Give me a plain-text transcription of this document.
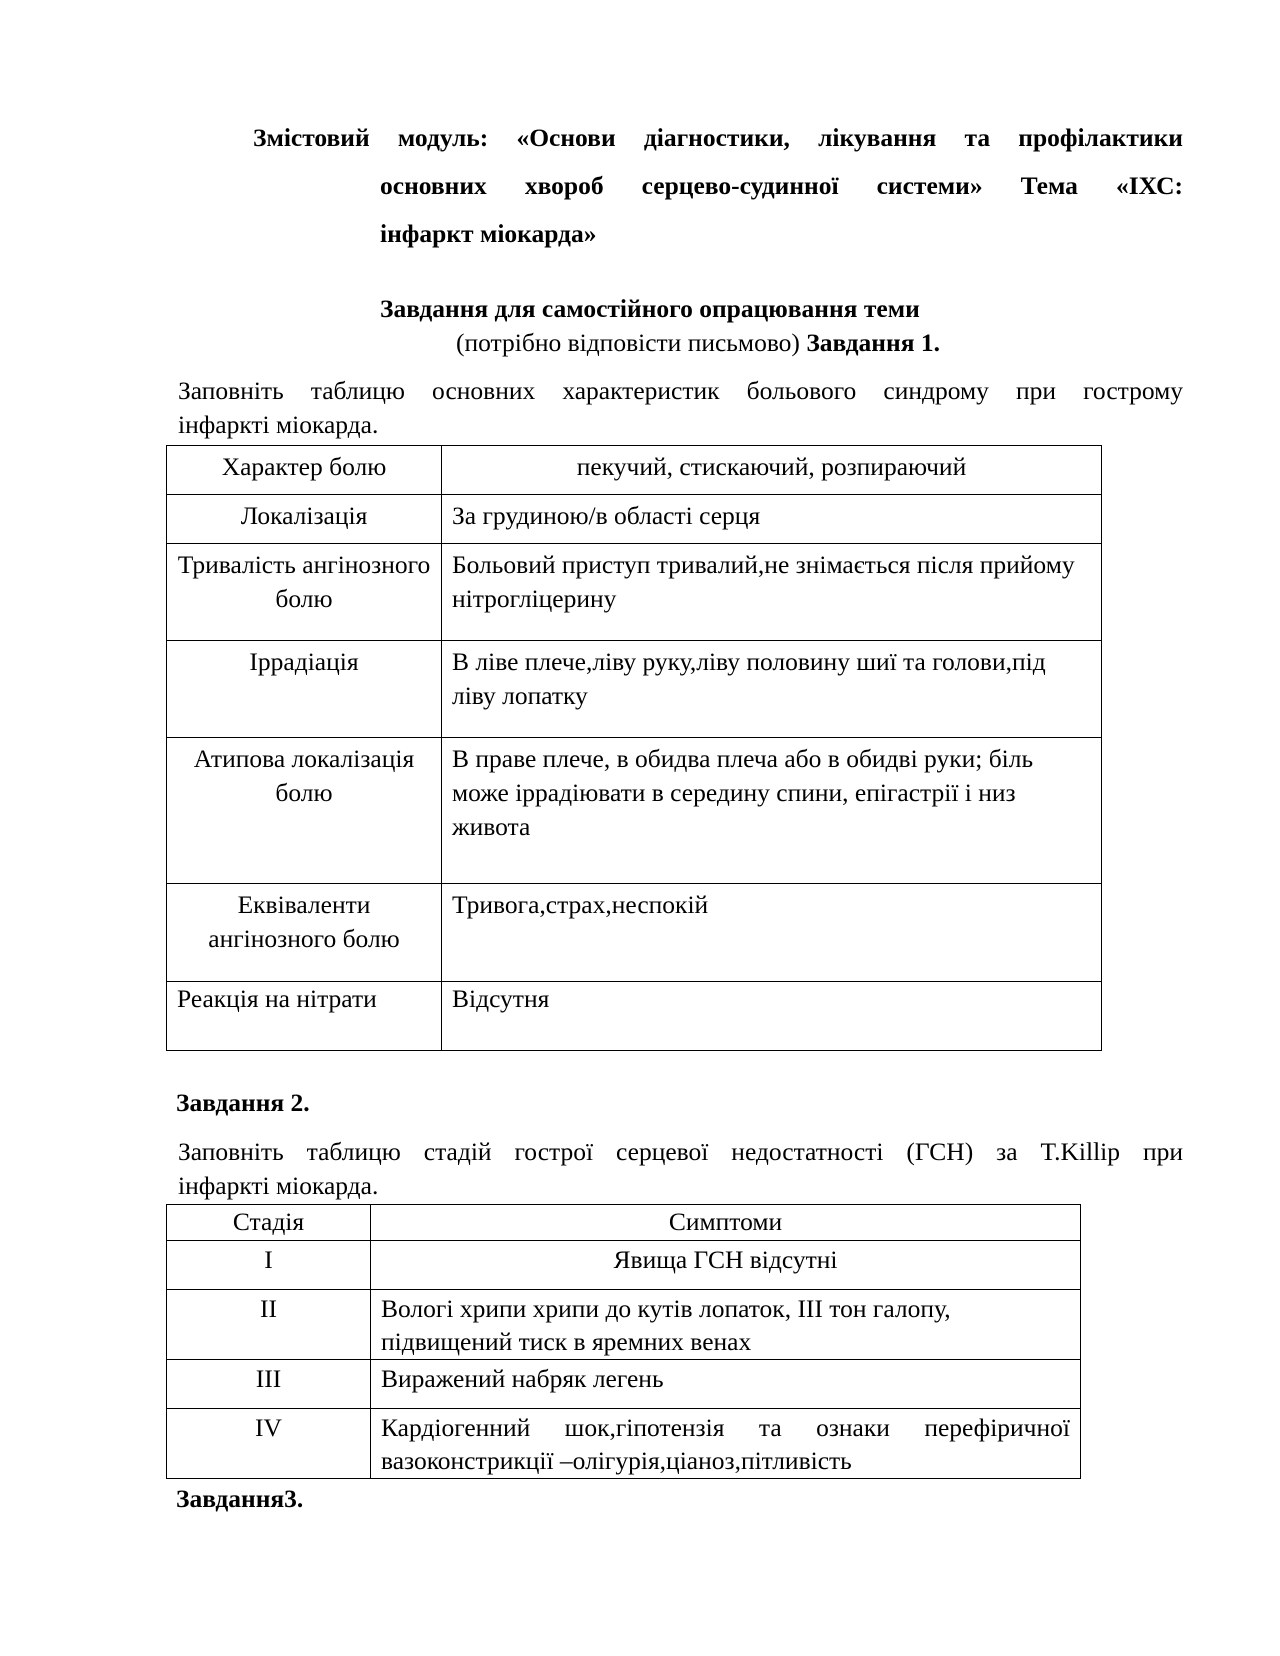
Змістовий модуль: «Основи діагностики, лікування та профілактики
основних хвороб серцево-судинної системи» Тема «ІХС:
інфаркт міокарда»
Завдання для самостійного опрацювання теми
(потрібно відповісти письмово) Завдання 1.
Заповніть таблицю основних характеристик больового синдрому при гострому
інфаркті міокарда.
Характер болю	пекучий, стискаючий, розпираючий
Локалізація	За грудиною/в області серця
Тривалість ангінозного болю	Больовий приступ тривалий,не знімається після прийому нітрогліцерину
Іррадіація	В ліве плече,ліву руку,ліву половину шиї та голови,під ліву лопатку
Атипова локалізація болю	В праве плече, в обидва плеча або в обидві руки; біль може іррадіювати в середину спини, епігастрії і низ живота
Еквіваленти ангінозного болю	Тривога,страх,неспокій
Реакція на нітрати	Відсутня
Завдання 2.
Заповніть таблицю стадій гострої серцевої недостатності (ГСН) за T.Killip при
інфаркті міокарда.
Стадія	Симптоми
I	Явища ГСН відсутні
II	Вологі хрипи хрипи до кутів лопаток, ІІІ тон галопу, підвищений тиск в яремних венах
III	Виражений набряк легень
IV	Кардіогенний шок,гіпотензія та ознаки перефіричної вазоконстрикції –олігурія,ціаноз,пітливість
Завдання3.
